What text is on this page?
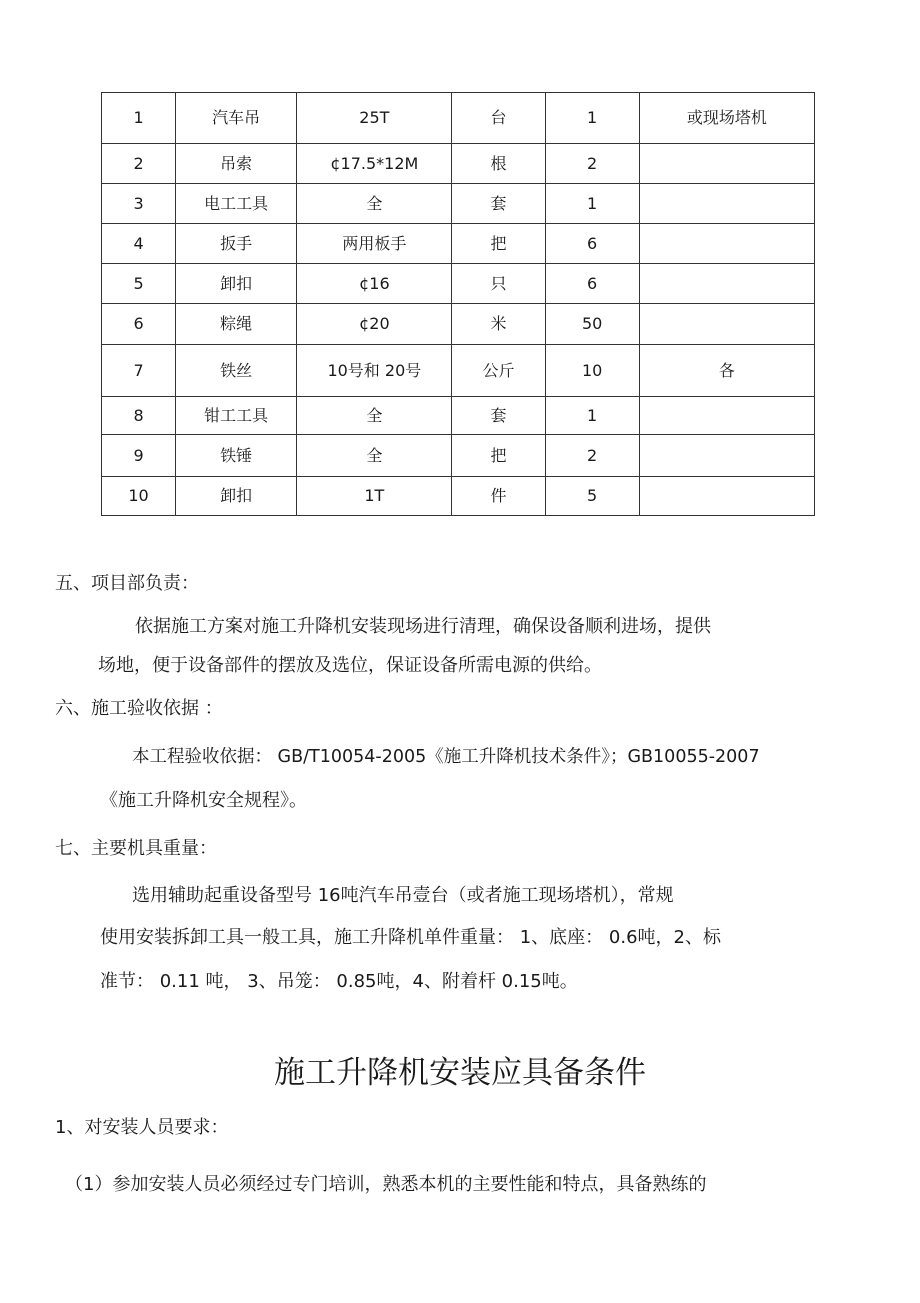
1	汽车吊	25T	台	1	或现场塔机
2	吊索	¢17.5*12M	根	2	
3	电工工具	全	套	1	
4	扳手	两用板手	把	6	
5	卸扣	¢16	只	6	
6	粽绳	¢20	米	50	
7	铁丝	10号和 20号	公斤	10	各
8	钳工工具	全	套	1	
9	铁锤	全	把	2	
10	卸扣	1T	件	5	
五、项目部负责：
依据施工方案对施工升降机安装现场进行清理，确保设备顺利进场，提供
场地，便于设备部件的摆放及选位，保证设备所需电源的供给。
六、施工验收依据 ：
本工程验收依据： GB/T10054-2005《施工升降机技术条件》；GB10055-2007
《施工升降机安全规程》。
七、主要机具重量：
选用辅助起重设备型号 16吨汽车吊壹台（或者施工现场塔机），常规
使用安装拆卸工具一般工具，施工升降机单件重量： 1、底座： 0.6吨，2、标
准节： 0.11 吨， 3、吊笼： 0.85吨，4、附着杆 0.15吨。
施工升降机安装应具备条件
1、对安装人员要求：
（1）参加安装人员必须经过专门培训，熟悉本机的主要性能和特点，具备熟练的
